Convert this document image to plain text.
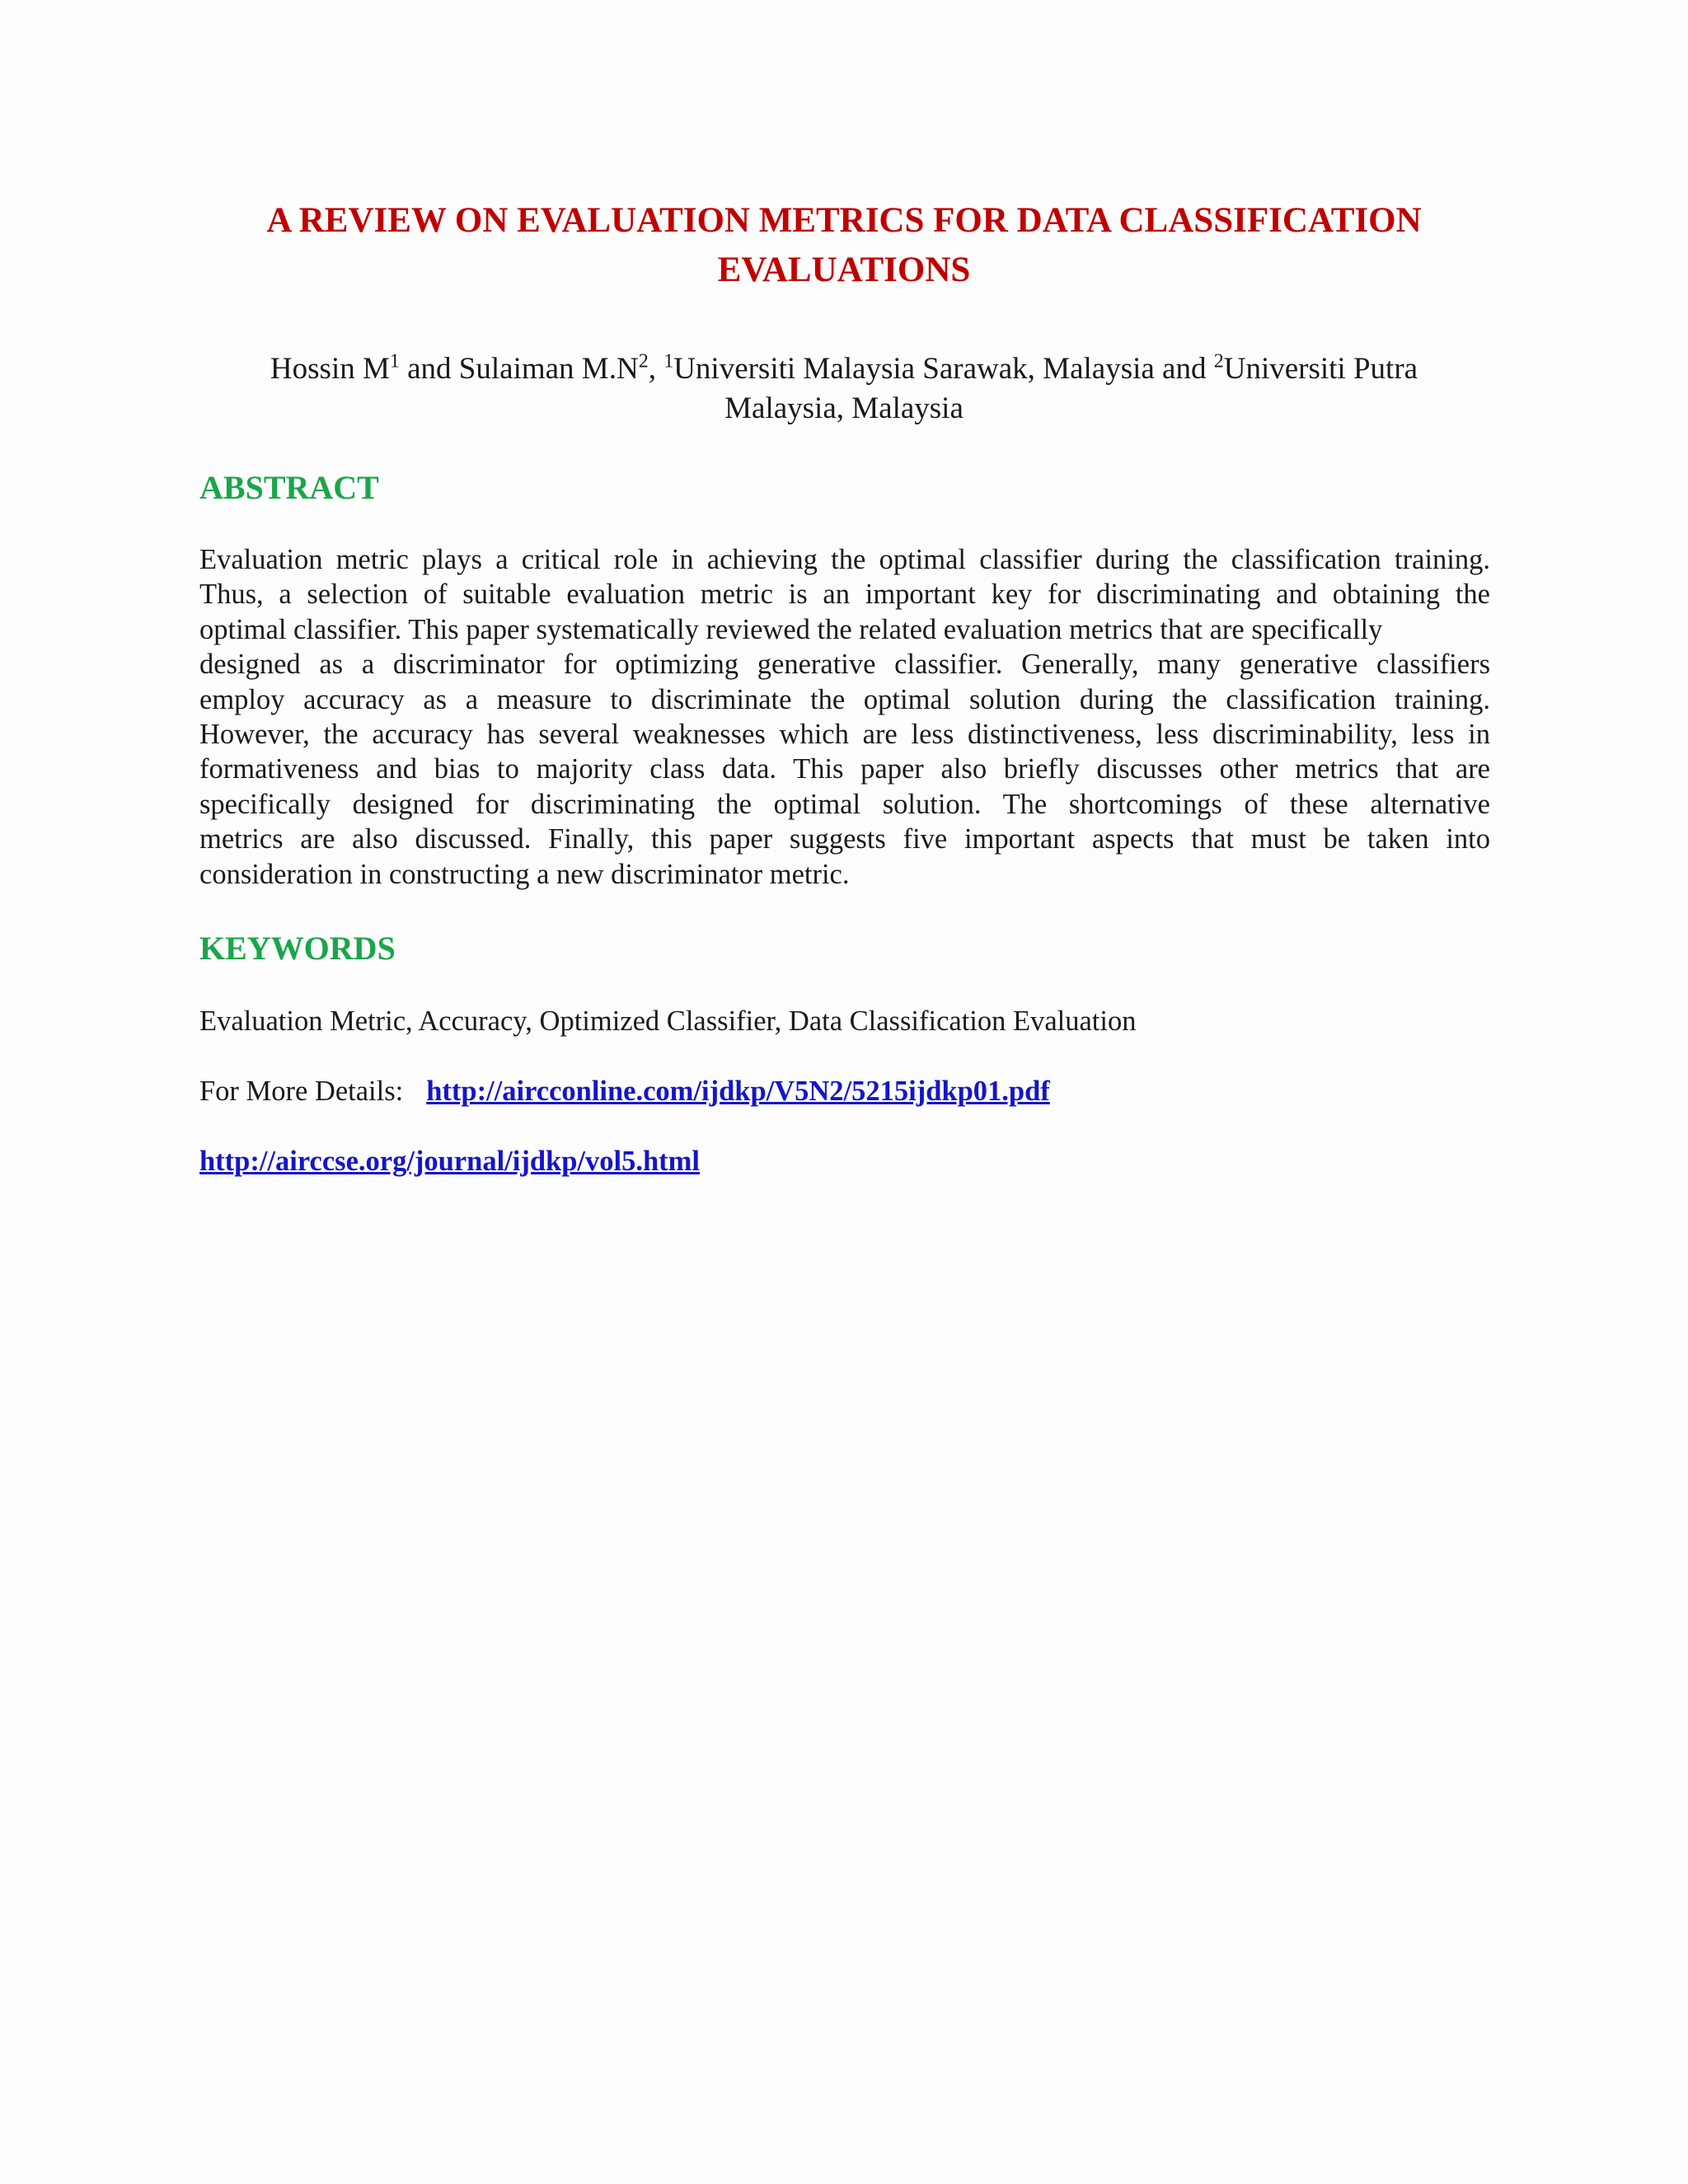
A REVIEW ON EVALUATION METRICS FOR DATA CLASSIFICATION
EVALUATIONS
Hossin $M^1$ and Sulaiman $M.N^2$, $^1$Universiti Malaysia Sarawak, Malaysia and $^2$Universiti Putra
Malaysia, Malaysia
ABSTRACT
Evaluation metric plays a critical role in achieving the optimal classifier during the classification training.
Thus, a selection of suitable evaluation metric is an important key for discriminating and obtaining the
optimal classifier. This paper systematically reviewed the related evaluation metrics that are specifically
designed as a discriminator for optimizing generative classifier. Generally, many generative classifiers
employ accuracy as a measure to discriminate the optimal solution during the classification training.
However, the accuracy has several weaknesses which are less distinctiveness, less discriminability, less in
formativeness and bias to majority class data. This paper also briefly discusses other metrics that are
specifically designed for discriminating the optimal solution. The shortcomings of these alternative
metrics are also discussed. Finally, this paper suggests five important aspects that must be taken into
consideration in constructing a new discriminator metric.
KEYWORDS
Evaluation Metric, Accuracy, Optimized Classifier, Data Classification Evaluation
For More Details: http://aircconline.com/ijdkp/V5N2/5215ijdkp01.pdf
http://airccse.org/journal/ijdkp/vol5.html
